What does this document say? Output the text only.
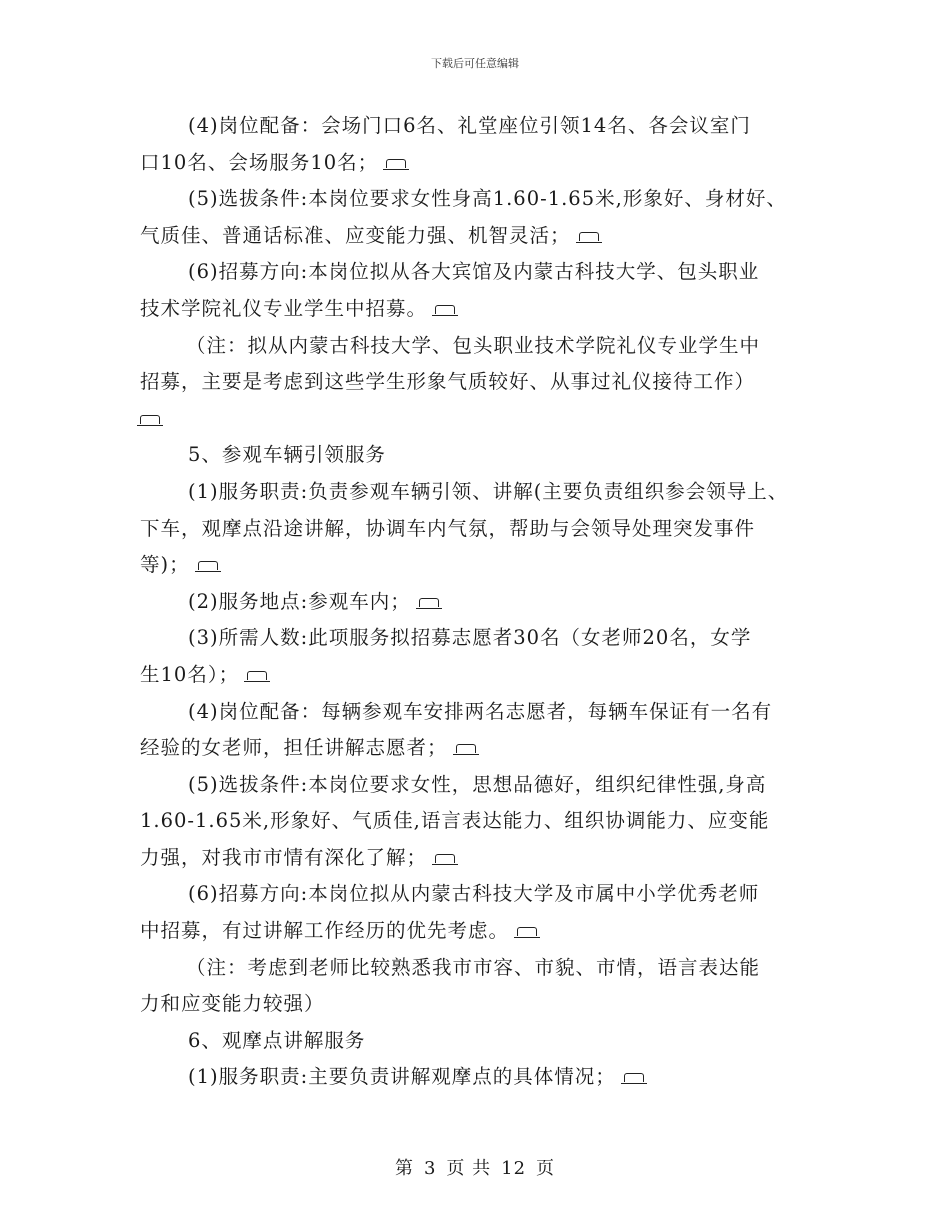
下载后可任意编辑
(4)岗位配备：会场门口6名、礼堂座位引领14名、各会议室门
口10名、会场服务10名；
(5)选拔条件:本岗位要求女性身高1.60-1.65米,形象好、身材好、
气质佳、普通话标准、应变能力强、机智灵活；
(6)招募方向:本岗位拟从各大宾馆及内蒙古科技大学、包头职业
技术学院礼仪专业学生中招募。
（注：拟从内蒙古科技大学、包头职业技术学院礼仪专业学生中
招募，主要是考虑到这些学生形象气质较好、从事过礼仪接待工作）
5、参观车辆引领服务
(1)服务职责:负责参观车辆引领、讲解(主要负责组织参会领导上、
下车，观摩点沿途讲解，协调车内气氛，帮助与会领导处理突发事件
等)；
(2)服务地点:参观车内；
(3)所需人数:此项服务拟招募志愿者30名（女老师20名，女学
生10名）；
(4)岗位配备：每辆参观车安排两名志愿者，每辆车保证有一名有
经验的女老师，担任讲解志愿者；
(5)选拔条件:本岗位要求女性，思想品德好，组织纪律性强,身高
1.60-1.65米,形象好、气质佳,语言表达能力、组织协调能力、应变能
力强，对我市市情有深化了解；
(6)招募方向:本岗位拟从内蒙古科技大学及市属中小学优秀老师
中招募，有过讲解工作经历的优先考虑。
（注：考虑到老师比较熟悉我市市容、市貌、市情，语言表达能
力和应变能力较强）
6、观摩点讲解服务
(1)服务职责:主要负责讲解观摩点的具体情况；
第 3 页 共 12 页
